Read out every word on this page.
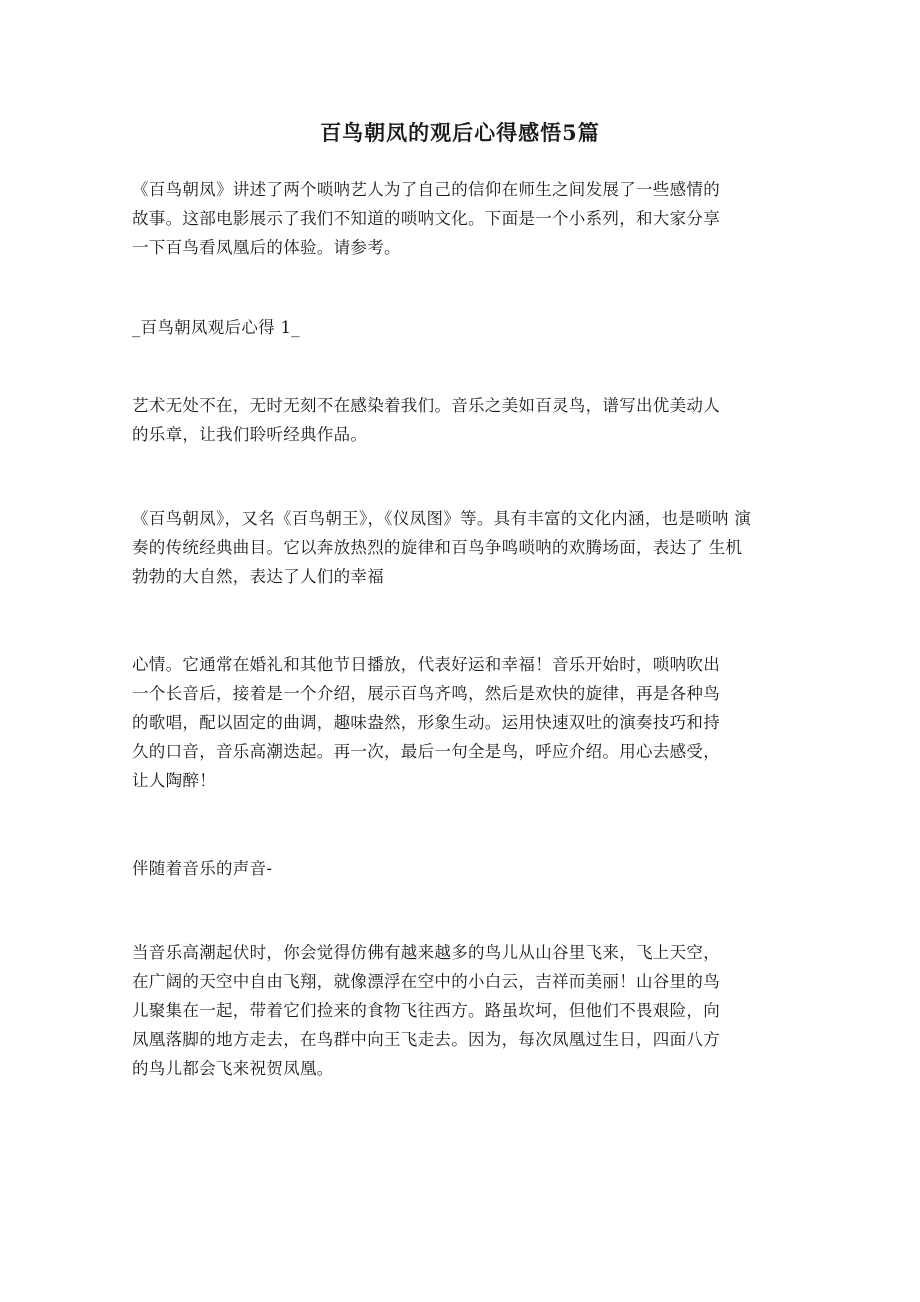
百鸟朝凤的观后心得感悟5篇
《百鸟朝凤》讲述了两个唢呐艺人为了自己的信仰在师生之间发展了一些感情的
故事。这部电影展示了我们不知道的唢呐文化。下面是一个小系列，和大家分享
一下百鸟看凤凰后的体验。请参考。
_百鸟朝凤观后心得 1_
艺术无处不在，无时无刻不在感染着我们。音乐之美如百灵鸟，谱写出优美动人
的乐章，让我们聆听经典作品。
《百鸟朝凤》，又名《百鸟朝王》，《仪凤图》等。具有丰富的文化内涵，也是唢呐 演
奏的传统经典曲目。它以奔放热烈的旋律和百鸟争鸣唢呐的欢腾场面，表达了 生机
勃勃的大自然，表达了人们的幸福
心情。它通常在婚礼和其他节日播放，代表好运和幸福！音乐开始时，唢呐吹出
一个长音后，接着是一个介绍，展示百鸟齐鸣，然后是欢快的旋律，再是各种鸟
的歌唱，配以固定的曲调，趣味盎然，形象生动。运用快速双吐的演奏技巧和持
久的口音，音乐高潮迭起。再一次，最后一句全是鸟，呼应介绍。用心去感受，
让人陶醉！
伴随着音乐的声音-
当音乐高潮起伏时，你会觉得仿佛有越来越多的鸟儿从山谷里飞来，飞上天空，
在广阔的天空中自由飞翔，就像漂浮在空中的小白云，吉祥而美丽！山谷里的鸟
儿聚集在一起，带着它们捡来的食物飞往西方。路虽坎坷，但他们不畏艰险，向
凤凰落脚的地方走去，在鸟群中向王飞走去。因为，每次凤凰过生日，四面八方
的鸟儿都会飞来祝贺凤凰。
